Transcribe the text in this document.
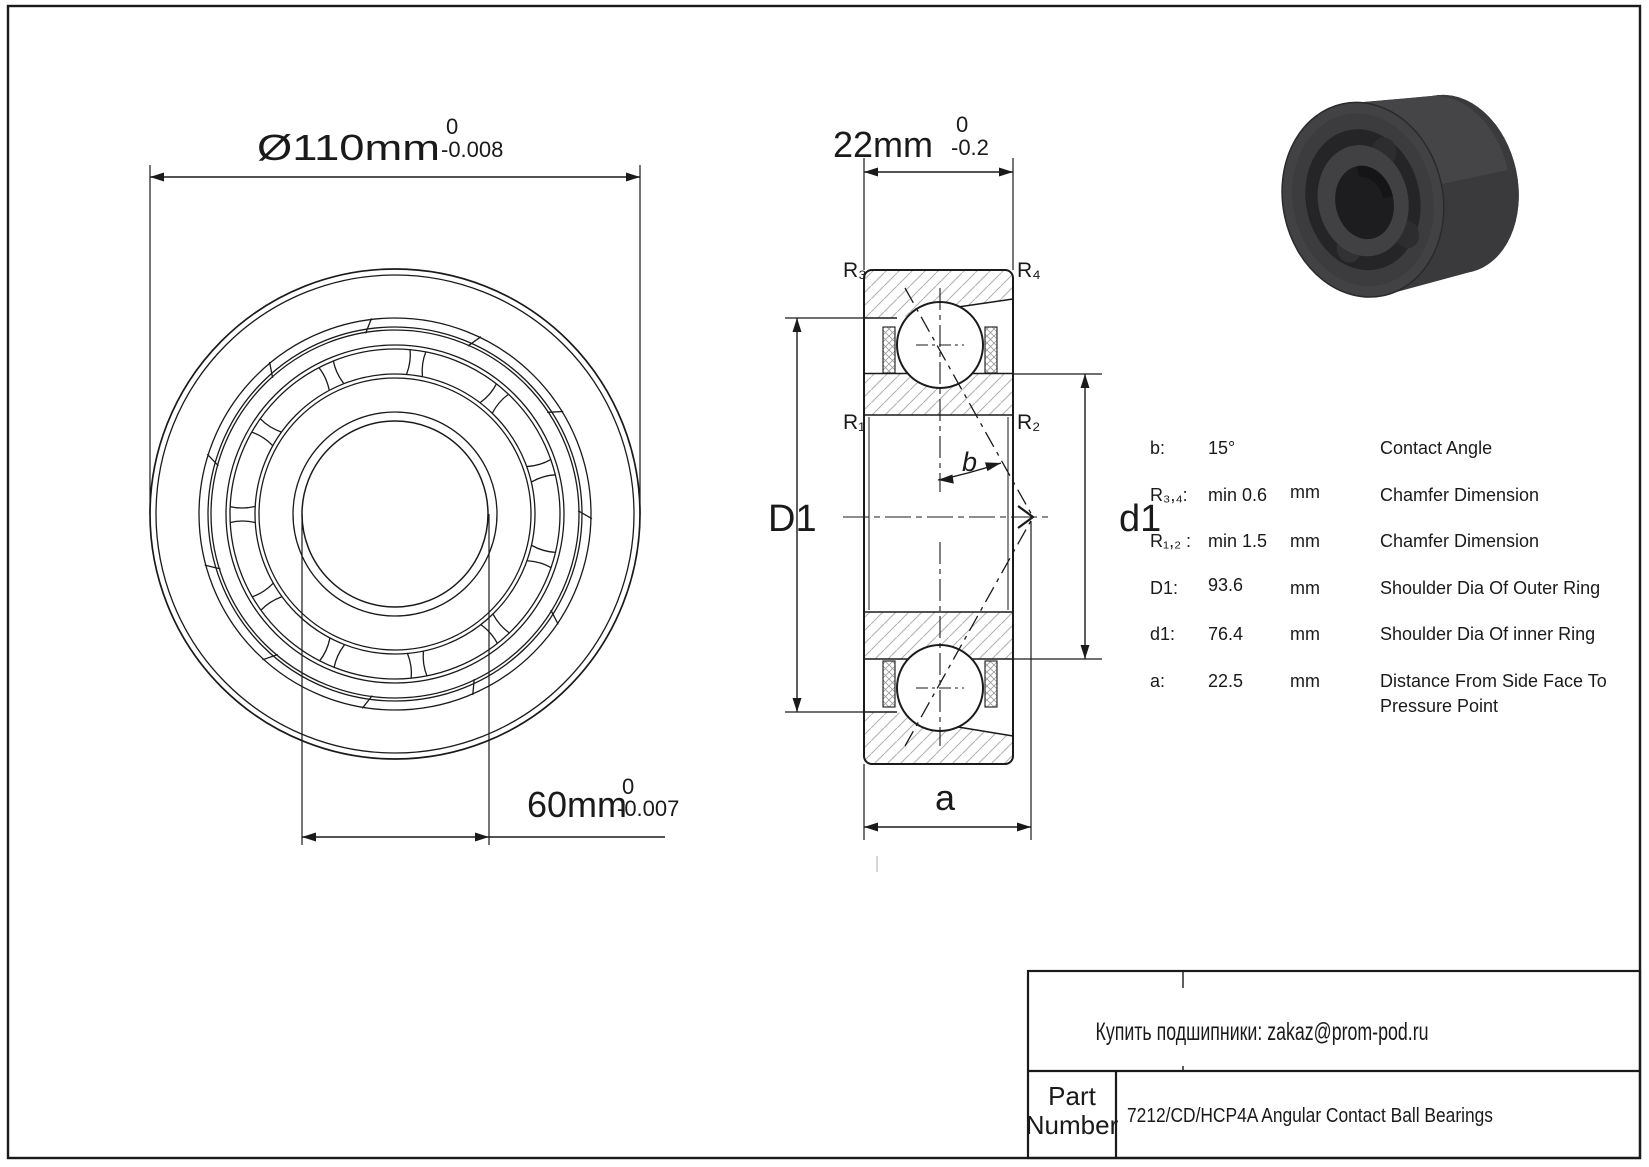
Ø110mm
0
-0.008
60mm
0
-0.007
R₃	R₄
R₁	R₂
22mm 0
-0.2
D1	d1
b
a
b: 15°	Contact Angle
R₃,₄: min 0.6 mm	Chamfer Dimension
R₁,₂ : min 1.5 mm	Chamfer Dimension
D1: 93.6	mm	Shoulder Dia Of Outer Ring
d1: 76.4	mm	Shoulder Dia Of inner Ring
a: 22.5	mm	Distance From Side Face To
Pressure Point
Купить подшипники: zakaz@prom-pod.ru
Part
Number 7212/CD/HCP4A Angular Contact Ball Bearings
